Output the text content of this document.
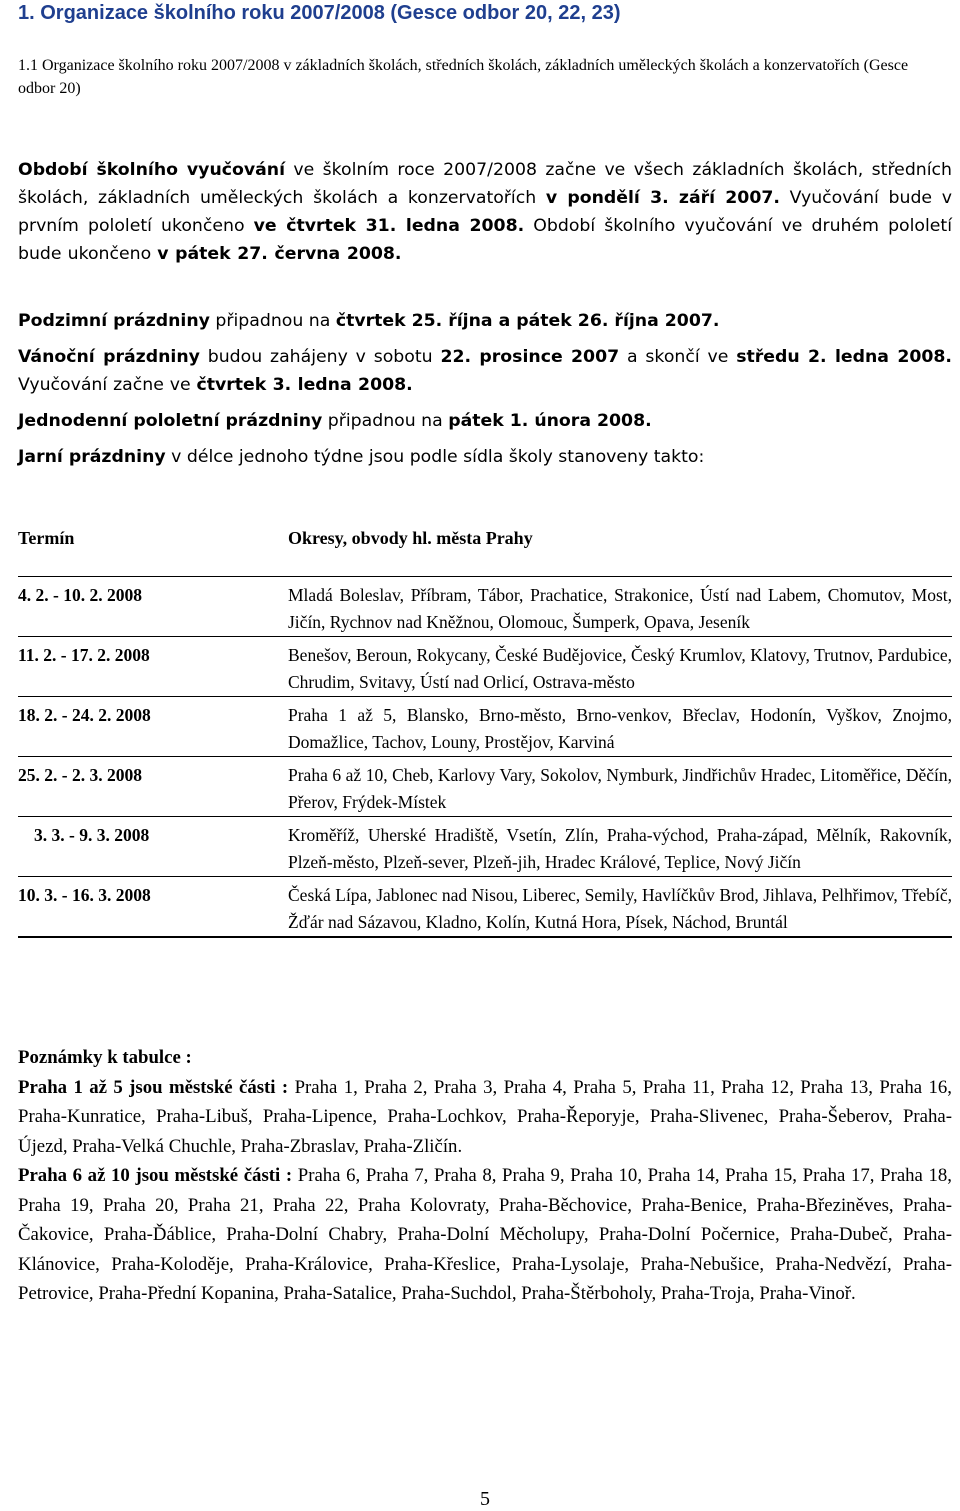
1. Organizace školního roku 2007/2008 (Gesce odbor 20, 22, 23)
1.1 Organizace školního roku 2007/2008 v základních školách, středních školách, základních uměleckých školách a konzervatořích (Gesce odbor 20)
Období školního vyučování ve školním roce 2007/2008 začne ve všech základních školách, středních školách, základních uměleckých školách a konzervatořích v pondělí 3. září 2007. Vyučování bude v prvním pololetí ukončeno ve čtvrtek 31. ledna 2008. Období školního vyučování ve druhém pololetí bude ukončeno v pátek 27. června 2008.
Podzimní prázdniny připadnou na čtvrtek 25. října a pátek 26. října 2007.
Vánoční prázdniny budou zahájeny v sobotu 22. prosince 2007 a skončí ve středu 2. ledna 2008. Vyučování začne ve čtvrtek 3. ledna 2008.
Jednodenní pololetní prázdniny připadnou na pátek 1. února 2008.
Jarní prázdniny v délce jednoho týdne jsou podle sídla školy stanoveny takto:
Termín	Okresy, obvody hl. města Prahy
4. 2. - 10. 2. 2008	Mladá Boleslav, Příbram, Tábor, Prachatice, Strakonice, Ústí nad Labem, Chomutov, Most, Jičín, Rychnov nad Kněžnou, Olomouc, Šumperk, Opava, Jeseník
11. 2. - 17. 2. 2008	Benešov, Beroun, Rokycany, České Budějovice, Český Krumlov, Klatovy, Trutnov, Pardubice, Chrudim, Svitavy, Ústí nad Orlicí, Ostrava-město
18. 2. - 24. 2. 2008	Praha 1 až 5, Blansko, Brno-město, Brno-venkov, Břeclav, Hodonín, Vyškov, Znojmo, Domažlice, Tachov, Louny, Prostějov, Karviná
25. 2. - 2. 3. 2008	Praha 6 až 10, Cheb, Karlovy Vary, Sokolov, Nymburk, Jindřichův Hradec, Litoměřice, Děčín, Přerov, Frýdek-Místek
3. 3. - 9. 3. 2008	Kroměříž, Uherské Hradiště, Vsetín, Zlín, Praha-východ, Praha-západ, Mělník, Rakovník, Plzeň-město, Plzeň-sever, Plzeň-jih, Hradec Králové, Teplice, Nový Jičín
10. 3. - 16. 3. 2008	Česká Lípa, Jablonec nad Nisou, Liberec, Semily, Havlíčkův Brod, Jihlava, Pelhřimov, Třebíč, Žďár nad Sázavou, Kladno, Kolín, Kutná Hora, Písek, Náchod, Bruntál

Poznámky k tabulce :

Praha 1 až 5 jsou městské části : Praha 1, Praha 2, Praha 3, Praha 4, Praha 5, Praha 11, Praha 12, Praha 13, Praha 16, Praha-Kunratice, Praha-Libuš, Praha-Lipence, Praha-Lochkov, Praha-Řeporyje, Praha-Slivenec, Praha-Šeberov, Praha-Újezd, Praha-Velká Chuchle, Praha-Zbraslav, Praha-Zličín.

Praha 6 až 10 jsou městské části : Praha 6, Praha 7, Praha 8, Praha 9, Praha 10, Praha 14, Praha 15, Praha 17, Praha 18, Praha 19, Praha 20, Praha 21, Praha 22, Praha Kolovraty, Praha-Běchovice, Praha-Benice, Praha-Březiněves, Praha-Čakovice, Praha-Ďáblice, Praha-Dolní Chabry, Praha-Dolní Měcholupy, Praha-Dolní Počernice, Praha-Dubeč, Praha-Klánovice, Praha-Koloděje, Praha-Královice, Praha-Křeslice, Praha-Lysolaje, Praha-Nebušice, Praha-Nedvězí, Praha-Petrovice, Praha-Přední Kopanina, Praha-Satalice, Praha-Suchdol, Praha-Štěrboholy, Praha-Troja, Praha-Vinoř.

5
